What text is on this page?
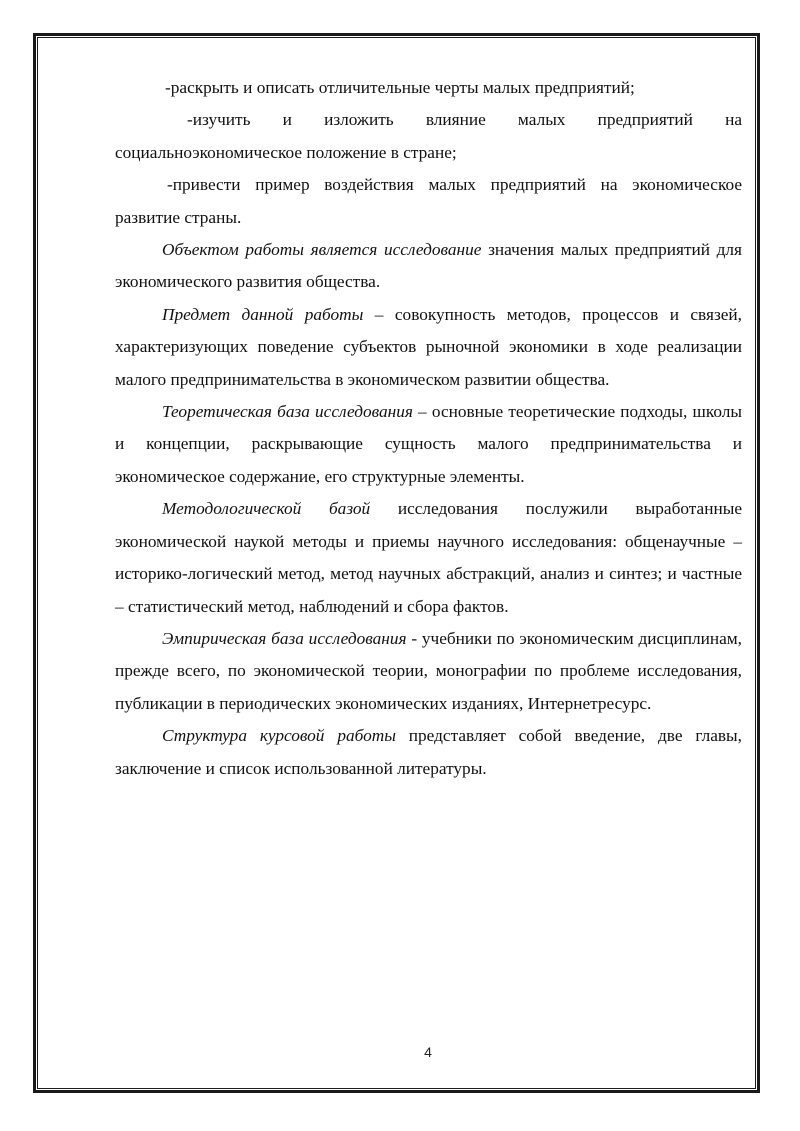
-раскрыть и описать отличительные черты малых предприятий;

-изучить и изложить влияние малых предприятий на социальноэкономическое положение в стране;

-привести пример воздействия малых предприятий на экономическое развитие страны.

Объектом работы является исследование значения малых предприятий для экономического развития общества.

Предмет данной работы – совокупность методов, процессов и связей, характеризующих поведение субъектов рыночной экономики в ходе реализации малого предпринимательства в экономическом развитии общества.

Теоретическая база исследования – основные теоретические подходы, школы и концепции, раскрывающие сущность малого предпринимательства и экономическое содержание, его структурные элементы.

Методологической базой исследования послужили выработанные экономической наукой методы и приемы научного исследования: общенаучные – историко-логический метод, метод научных абстракций, анализ и синтез; и частные – статистический метод, наблюдений и сбора фактов.

Эмпирическая база исследования - учебники по экономическим дисциплинам, прежде всего, по экономической теории, монографии по проблеме исследования, публикации в периодических экономических изданиях, Интернетресурс.

Структура курсовой работы представляет собой введение, две главы, заключение и список использованной литературы.

4
